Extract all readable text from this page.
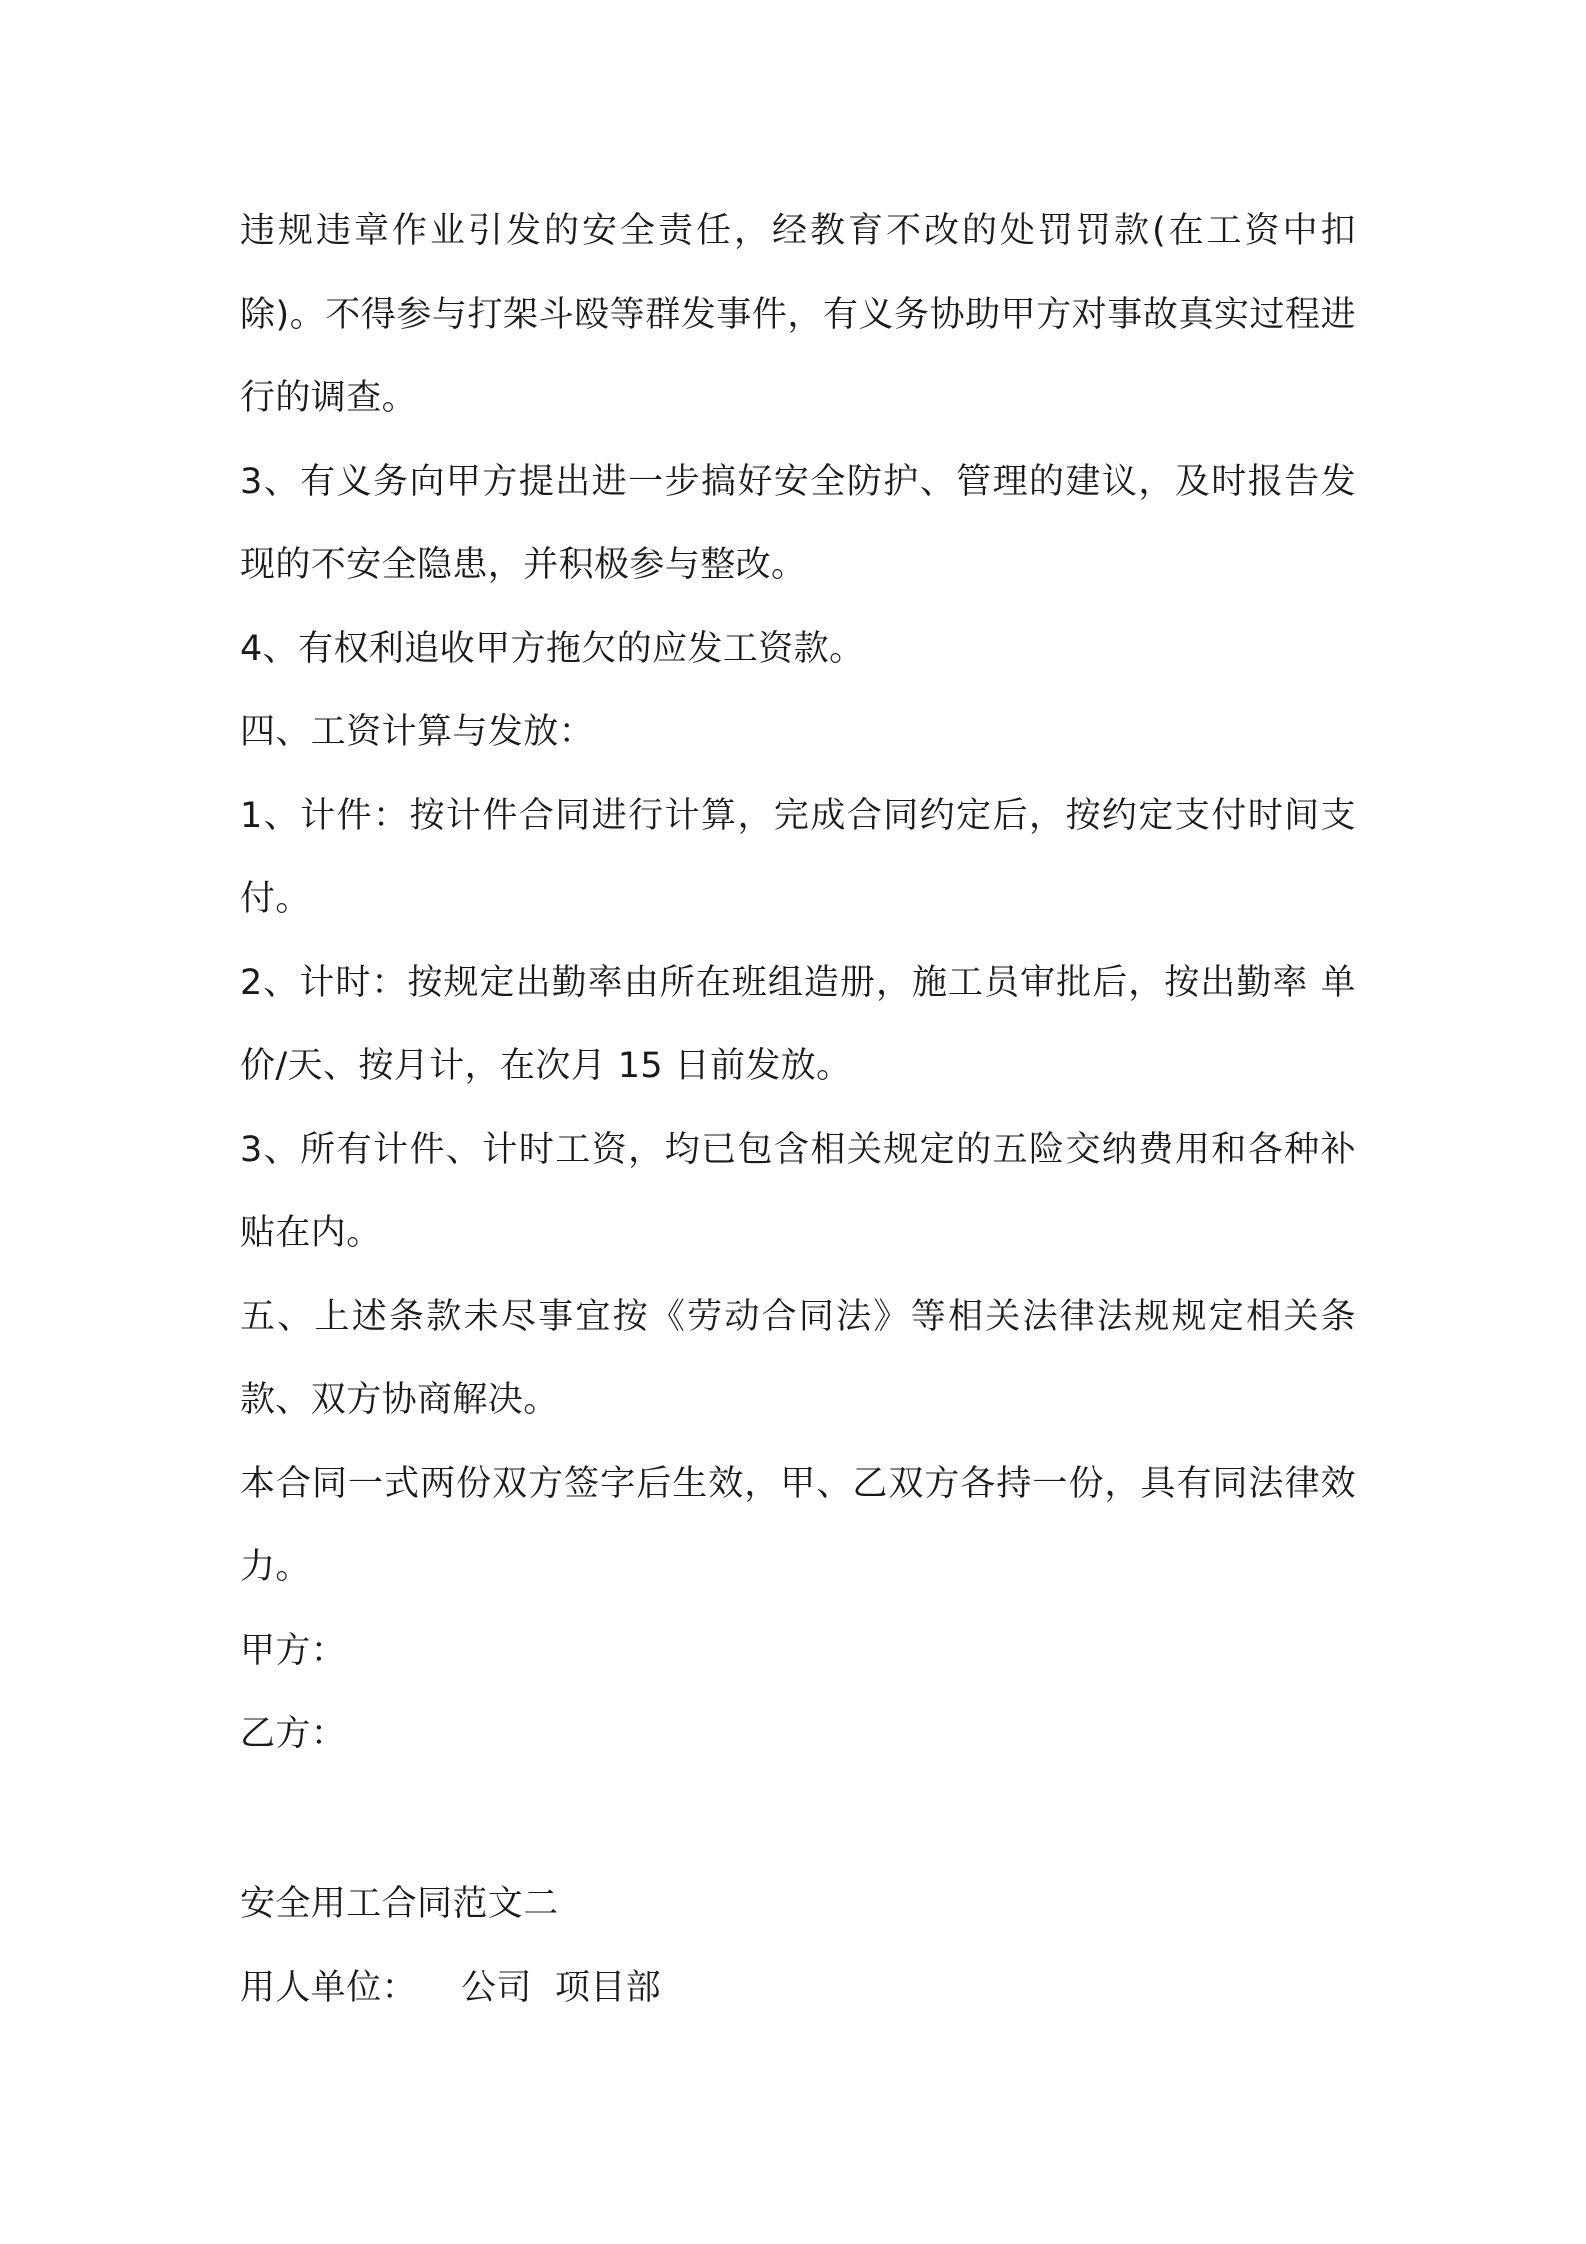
违规违章作业引发的安全责任，经教育不改的处罚罚款(在工资中扣除)。不得参与打架斗殴等群发事件，有义务协助甲方对事故真实过程进行的调查。

3、有义务向甲方提出进一步搞好安全防护、管理的建议，及时报告发现的不安全隐患，并积极参与整改。

4、有权利追收甲方拖欠的应发工资款。

四、工资计算与发放：

1、计件：按计件合同进行计算，完成合同约定后，按约定支付时间支付。

2、计时：按规定出勤率由所在班组造册，施工员审批后，按出勤率 单价/天、按月计，在次月 15 日前发放。

3、所有计件、计时工资，均已包含相关规定的五险交纳费用和各种补贴在内。

五、上述条款未尽事宜按《劳动合同法》等相关法律法规规定相关条款、双方协商解决。

本合同一式两份双方签字后生效，甲、乙双方各持一份，具有同法律效力。

甲方：

乙方：

安全用工合同范文二

用人单位： 公司  项目部
